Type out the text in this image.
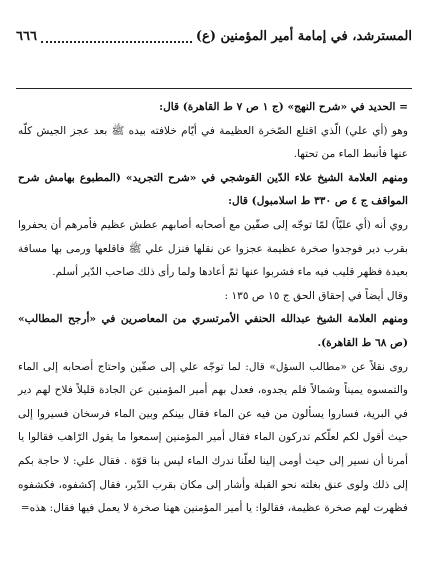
المسترشد، في إمامة أمير المؤمنين (ع)
٦٦٦

= الحديد في «شرح النهج» (ج ١ ص ٧ ط القاهرة) قال:

وهو (أي علي) الّذي اقتلع الصّخرة العظيمة في أيّام خلافته بيده ﷺ بعد عجز الجيش كلّه عنها فأنبط الماء من تحتها.

ومنهم العلامة الشيخ علاء الدّين القوشجي في «شرح التجريد» (المطبوع بهامش شرح المواقف ج ٤ ص ٣٣٠ ط اسلامبول) قال:

روي أنه (أي عليّاً) لمّا توجّه إلى صفّين مع أصحابه أصابهم عطش عظيم فأمرهم أن يحفروا بقرب دير فوجدوا صخرة عظيمة عجزوا عن نقلها فنزل علي ﷺ فاقلعها ورمى بها مسافة بعيدة فظهر قليب فيه ماء فشربوا عنها ثمّ أعادها ولما رأى ذلك صاحب الدّير أسلم.

وقال أيضاً في إحقاق الحق ج ١٥ ص ١٣٥ :

ومنهم العلامة الشيخ عبدالله الحنفي الأمرتسري من المعاصرين في «أرجح المطالب» (ص ٦٨ ط القاهرة).

روى نقلاً عن «مطالب السؤل» قال: لما توجّه علي إلى صفّين واحتاج أصحابه إلى الماء والتمسوه يميناً وشمالاً فلم يجدوه، فعدل بهم أمير المؤمنين عن الجادة قليلاً فلاح لهم دير في البرية، فساروا يسألون من فيه عن الماء فقال بينكم وبين الماء فرسخان فسيروا إلى حيث أقول لكم لعلّكم تدركون الماء فقال أمير المؤمنين إسمعوا ما يقول الرّاهب فقالوا يا أمرنا أن نسير إلى حيث أومى إلينا لعلّنا ندرك الماء ليس بنا قوّة . فقال علي: لا حاجة بكم إلى ذلك ولوى عنق بغلته نحو القبلة وأشار إلى مكان بقرب الدّير، فقال إكشفوه، فكشفوه فظهرت لهم صخرة عظيمة، فقالوا: يا أمير المؤمنين ههنا صخرة لا يعمل فيها فقال: هذه=
